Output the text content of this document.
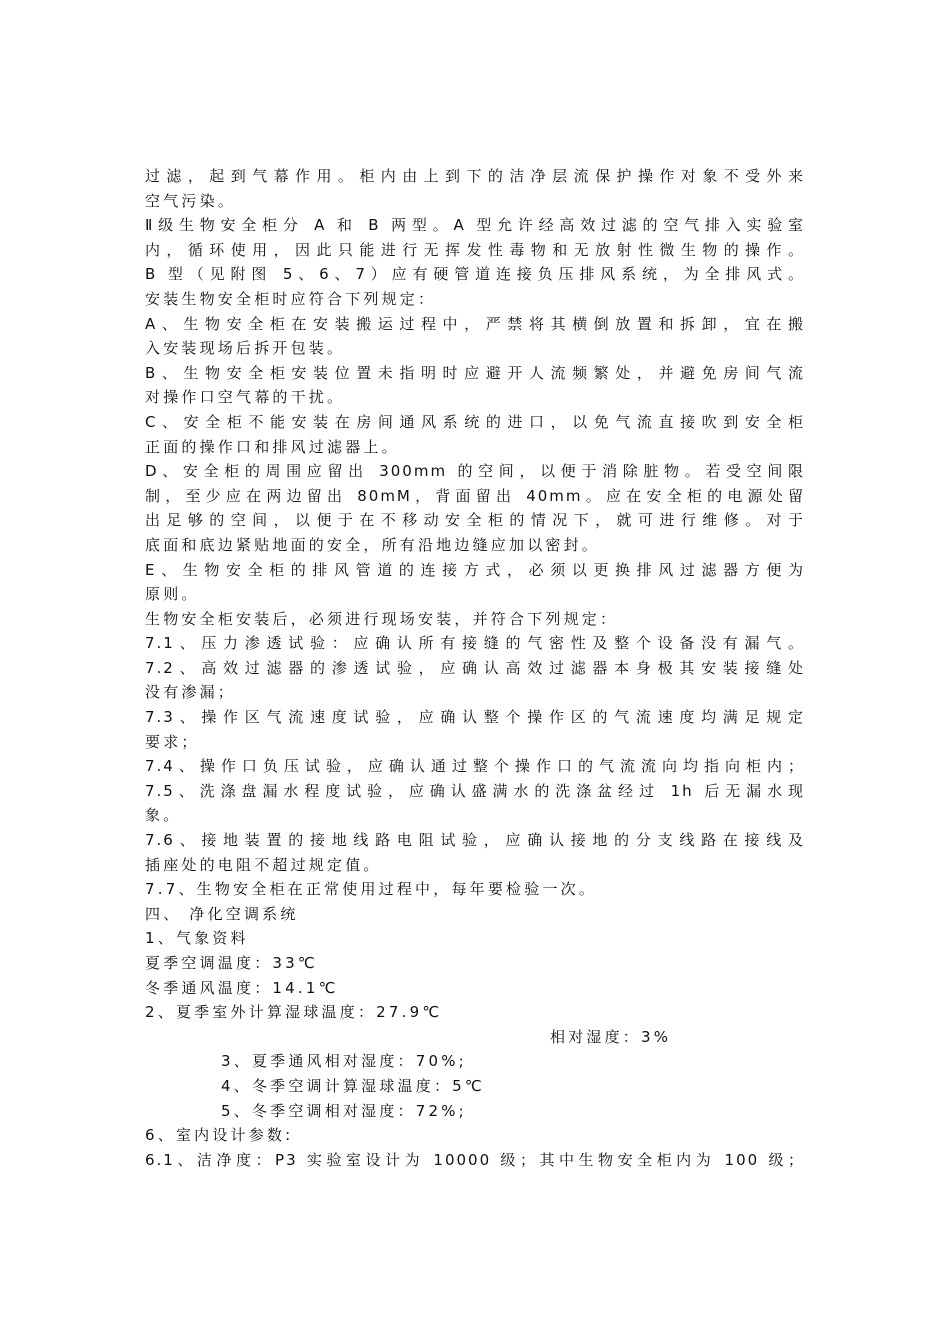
过滤，起到气幕作用。柜内由上到下的洁净层流保护操作对象不受外来
空气污染。
Ⅱ级生物安全柜分 A 和 B 两型。A 型允许经高效过滤的空气排入实验室
内，循环使用，因此只能进行无挥发性毒物和无放射性微生物的操作。
B 型（见附图 5、6、7）应有硬管道连接负压排风系统，为全排风式。
安装生物安全柜时应符合下列规定：
A、生物安全柜在安装搬运过程中，严禁将其横倒放置和拆卸，宜在搬
入安装现场后拆开包装。
B、生物安全柜安装位置未指明时应避开人流频繁处，并避免房间气流
对操作口空气幕的干扰。
C、安全柜不能安装在房间通风系统的进口，以免气流直接吹到安全柜
正面的操作口和排风过滤器上。
D、安全柜的周围应留出 300mm 的空间，以便于消除脏物。若受空间限
制，至少应在两边留出 80mM，背面留出 40mm。应在安全柜的电源处留
出足够的空间，以便于在不移动安全柜的情况下，就可进行维修。对于
底面和底边紧贴地面的安全，所有沿地边缝应加以密封。
E、生物安全柜的排风管道的连接方式，必须以更换排风过滤器方便为
原则。
生物安全柜安装后，必须进行现场安装，并符合下列规定：
7.1、压力渗透试验：应确认所有接缝的气密性及整个设备没有漏气。
7.2、高效过滤器的渗透试验，应确认高效过滤器本身极其安装接缝处
没有渗漏；
7.3、操作区气流速度试验，应确认整个操作区的气流速度均满足规定
要求；
7.4、操作口负压试验，应确认通过整个操作口的气流流向均指向柜内；
7.5、洗涤盘漏水程度试验，应确认盛满水的洗涤盆经过 1h 后无漏水现
象。
7.6、接地装置的接地线路电阻试验，应确认接地的分支线路在接线及
插座处的电阻不超过规定值。
7.7、生物安全柜在正常使用过程中，每年要检验一次。
四、 净化空调系统
1、气象资料
夏季空调温度：33℃
冬季通风温度：14.1℃
2、夏季室外计算湿球温度：27.9℃
相对湿度：3%
3、夏季通风相对湿度：70%;
4、冬季空调计算湿球温度：5℃
5、冬季空调相对湿度：72%;
6、室内设计参数:
6.1、洁净度：P3 实验室设计为 10000 级；其中生物安全柜内为 100 级；
